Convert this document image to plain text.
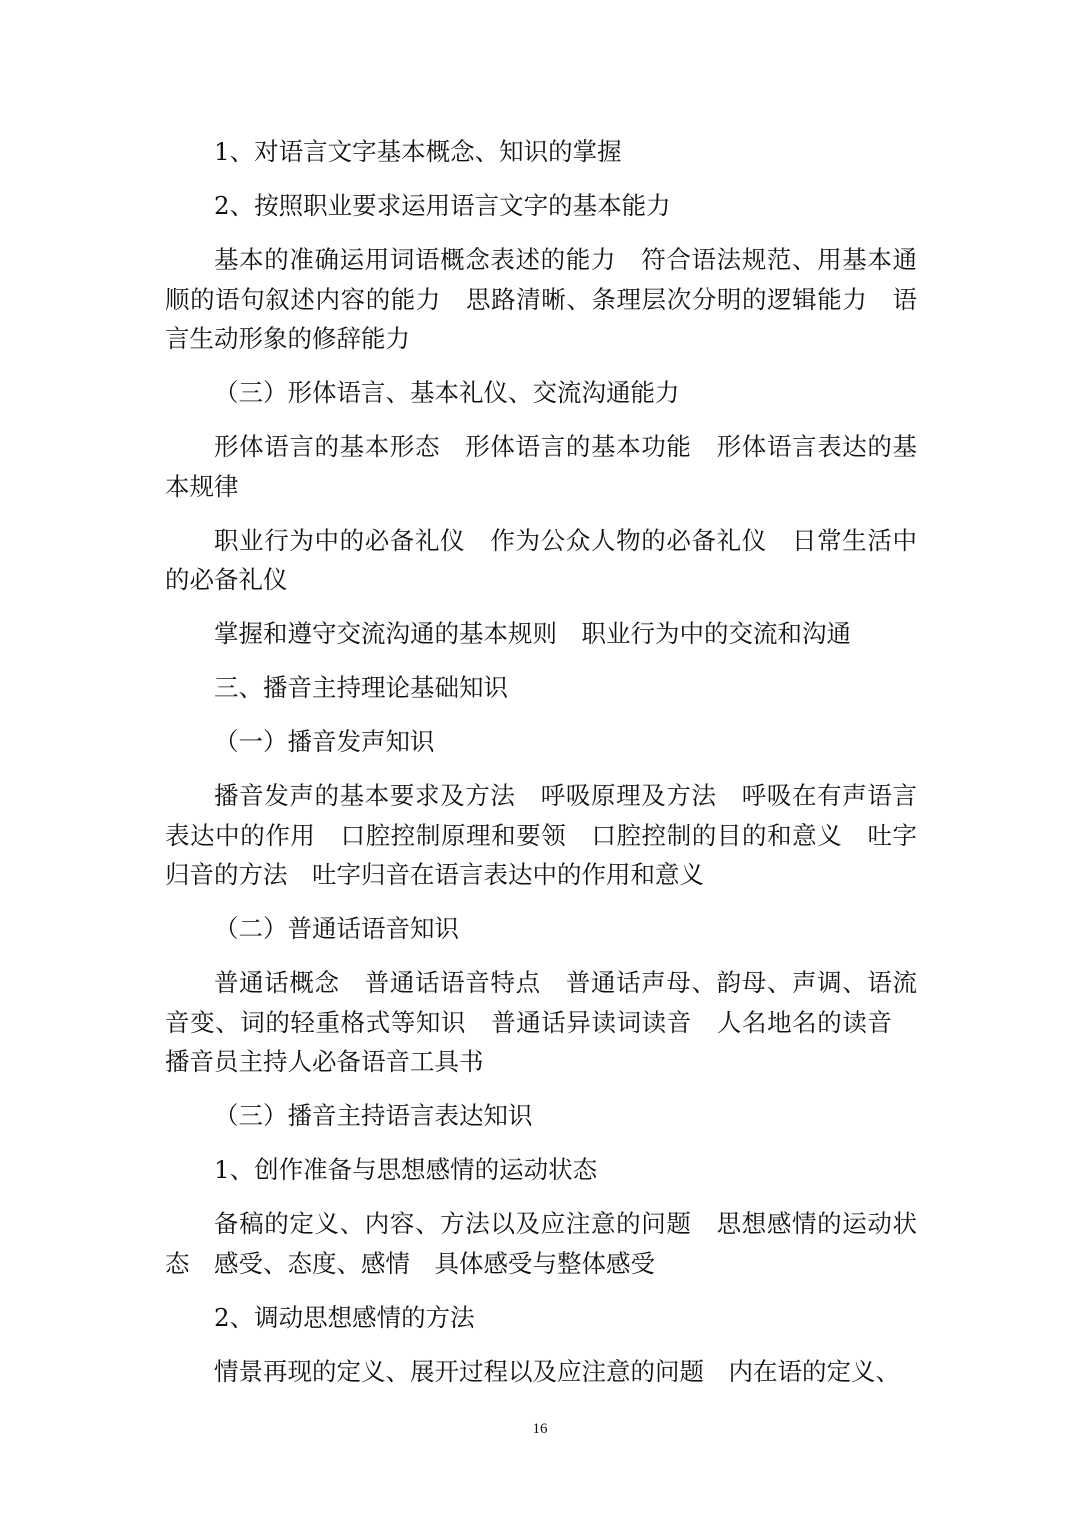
1、对语言文字基本概念、知识的掌握

2、按照职业要求运用语言文字的基本能力

基本的准确运用词语概念表述的能力 符合语法规范、用基本通顺的语句叙述内容的能力 思路清晰、条理层次分明的逻辑能力 语言生动形象的修辞能力

（三）形体语言、基本礼仪、交流沟通能力

形体语言的基本形态 形体语言的基本功能 形体语言表达的基本规律

职业行为中的必备礼仪 作为公众人物的必备礼仪 日常生活中的必备礼仪

掌握和遵守交流沟通的基本规则 职业行为中的交流和沟通

三、播音主持理论基础知识

（一）播音发声知识

播音发声的基本要求及方法 呼吸原理及方法 呼吸在有声语言表达中的作用 口腔控制原理和要领 口腔控制的目的和意义 吐字归音的方法 吐字归音在语言表达中的作用和意义

（二）普通话语音知识

普通话概念 普通话语音特点 普通话声母、韵母、声调、语流音变、词的轻重格式等知识 普通话异读词读音 人名地名的读音播音员主持人必备语音工具书

（三）播音主持语言表达知识

1、创作准备与思想感情的运动状态

备稿的定义、内容、方法以及应注意的问题 思想感情的运动状态 感受、态度、感情 具体感受与整体感受

2、调动思想感情的方法

情景再现的定义、展开过程以及应注意的问题 内在语的定义、

16
